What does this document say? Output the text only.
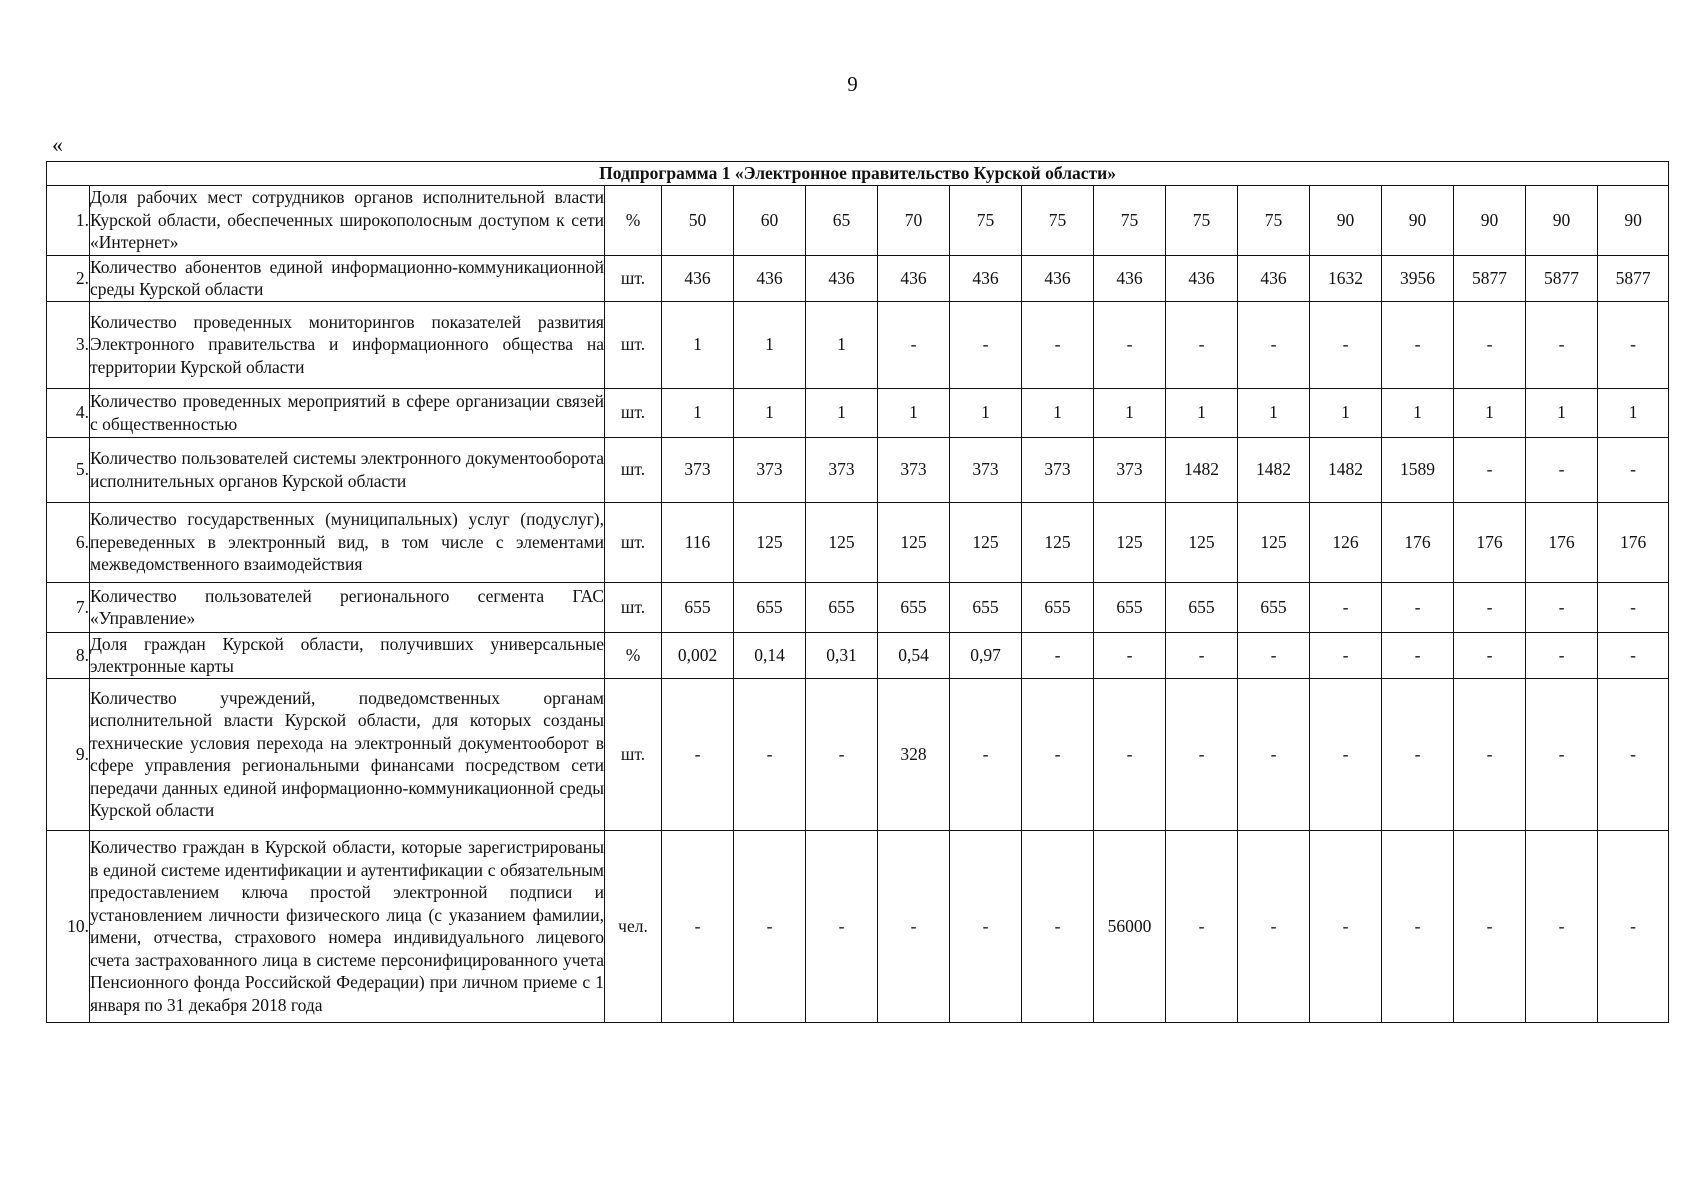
9
«
Подпрограмма 1 «Электронное правительство Курской области»																
1.	Доля рабочих мест сотрудников органов исполнительной власти Курской области, обеспеченных широкополосным доступом к сети «Интернет»	%	50	60	65	70	75	75	75	75	75	90	90	90	90	90
2.	Количество абонентов единой информационно-коммуникационной среды Курской области	шт.	436	436	436	436	436	436	436	436	436	1632	3956	5877	5877	5877
3.	Количество проведенных мониторингов показателей развития Электронного правительства и информационного общества на территории Курской области	шт.	1	1	1	-	-	-	-	-	-	-	-	-	-	-
4.	Количество проведенных мероприятий в сфере организации связей с общественностью	шт.	1	1	1	1	1	1	1	1	1	1	1	1	1	1
5.	Количество пользователей системы электронного документооборота исполнительных органов Курской области	шт.	373	373	373	373	373	373	373	1482	1482	1482	1589	-	-	-
6.	Количество государственных (муниципальных) услуг (подуслуг), переведенных в электронный вид, в том числе с элементами межведомственного взаимодействия	шт.	116	125	125	125	125	125	125	125	125	126	176	176	176	176
7.	Количество пользователей регионального сегмента ГАС «Управление»	шт.	655	655	655	655	655	655	655	655	655	-	-	-	-	-
8.	Доля граждан Курской области, получивших универсальные электронные карты	%	0,002	0,14	0,31	0,54	0,97	-	-	-	-	-	-	-	-	-
9.	Количество учреждений, подведомственных органам исполнительной власти Курской области, для которых созданы технические условия перехода на электронный документооборот в сфере управления региональными финансами посредством сети передачи данных единой информационно-коммуникационной среды Курской области	шт.	-	-	-	328	-	-	-	-	-	-	-	-	-	-
10.	Количество граждан в Курской области, которые зарегистрированы в единой системе идентификации и аутентификации с обязательным предоставлением ключа простой электронной подписи и установлением личности физического лица (с указанием фамилии, имени, отчества, страхового номера индивидуального лицевого счета застрахованного лица в системе персонифицированного учета Пенсионного фонда Российской Федерации) при личном приеме с 1 января по 31 декабря 2018 года	чел.	-	-	-	-	-	-	56000	-	-	-	-	-	-	-
